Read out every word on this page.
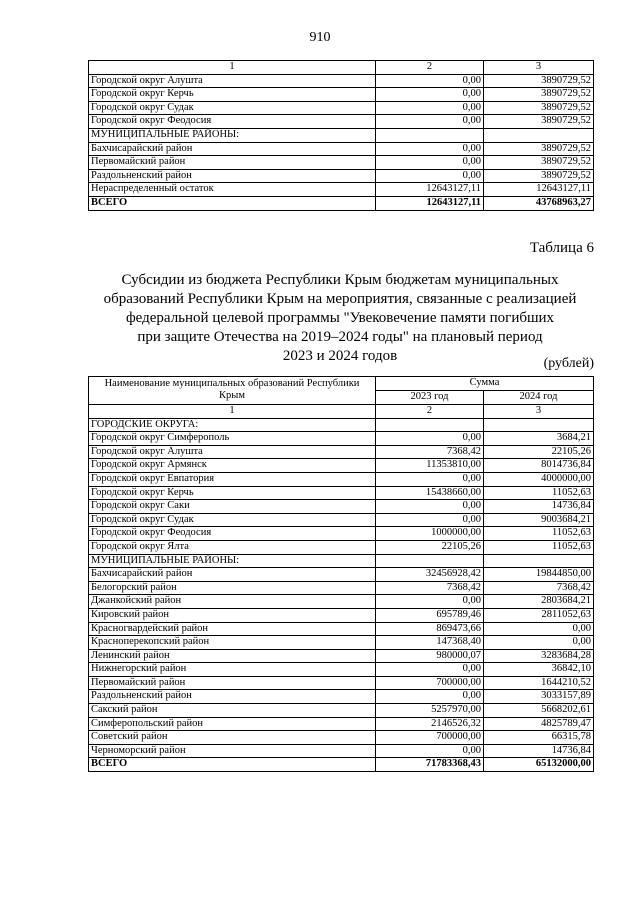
910
1	2	3
Городской округ Алушта	0,00	3890729,52
Городской округ Керчь	0,00	3890729,52
Городской округ Судак	0,00	3890729,52
Городской округ Феодосия	0,00	3890729,52
МУНИЦИПАЛЬНЫЕ РАЙОНЫ:		
Бахчисарайский район	0,00	3890729,52
Первомайский район	0,00	3890729,52
Раздольненский район	0,00	3890729,52
Нераспределенный остаток	12643127,11	12643127,11
ВСЕГО	12643127,11	43768963,27
Таблица 6
Субсидии из бюджета Республики Крым бюджетам муниципальных
образований Республики Крым на мероприятия, связанные с реализацией
федеральной целевой программы "Увековечение памяти погибших
при защите Отечества на 2019–2024 годы" на плановый период
2023 и 2024 годов	(рублей)
Наименование муниципальных образований Республики Крым	Сумма	
	2023 год	2024 год
1	2	3
ГОРОДСКИЕ ОКРУГА:		
Городской округ Симферополь	0,00	3684,21
Городской округ Алушта	7368,42	22105,26
Городской округ Армянск	11353810,00	8014736,84
Городской округ Евпатория	0,00	4000000,00
Городской округ Керчь	15438660,00	11052,63
Городской округ Саки	0,00	14736,84
Городской округ Судак	0,00	9003684,21
Городской округ Феодосия	1000000,00	11052,63
Городской округ Ялта	22105,26	11052,63
МУНИЦИПАЛЬНЫЕ РАЙОНЫ:		
Бахчисарайский район	32456928,42	19844850,00
Белогорский район	7368,42	7368,42
Джанкойский район	0,00	2803684,21
Кировский район	695789,46	2811052,63
Красногвардейский район	869473,66	0,00
Красноперекопский район	147368,40	0,00
Ленинский район	980000,07	3283684,28
Нижнегорский район	0,00	36842,10
Первомайский район	700000,00	1644210,52
Раздольненский район	0,00	3033157,89
Сакский район	5257970,00	5668202,61
Симферопольский район	2146526,32	4825789,47
Советский район	700000,00	66315,78
Черноморский район	0,00	14736,84
ВСЕГО	71783368,43	65132000,00
